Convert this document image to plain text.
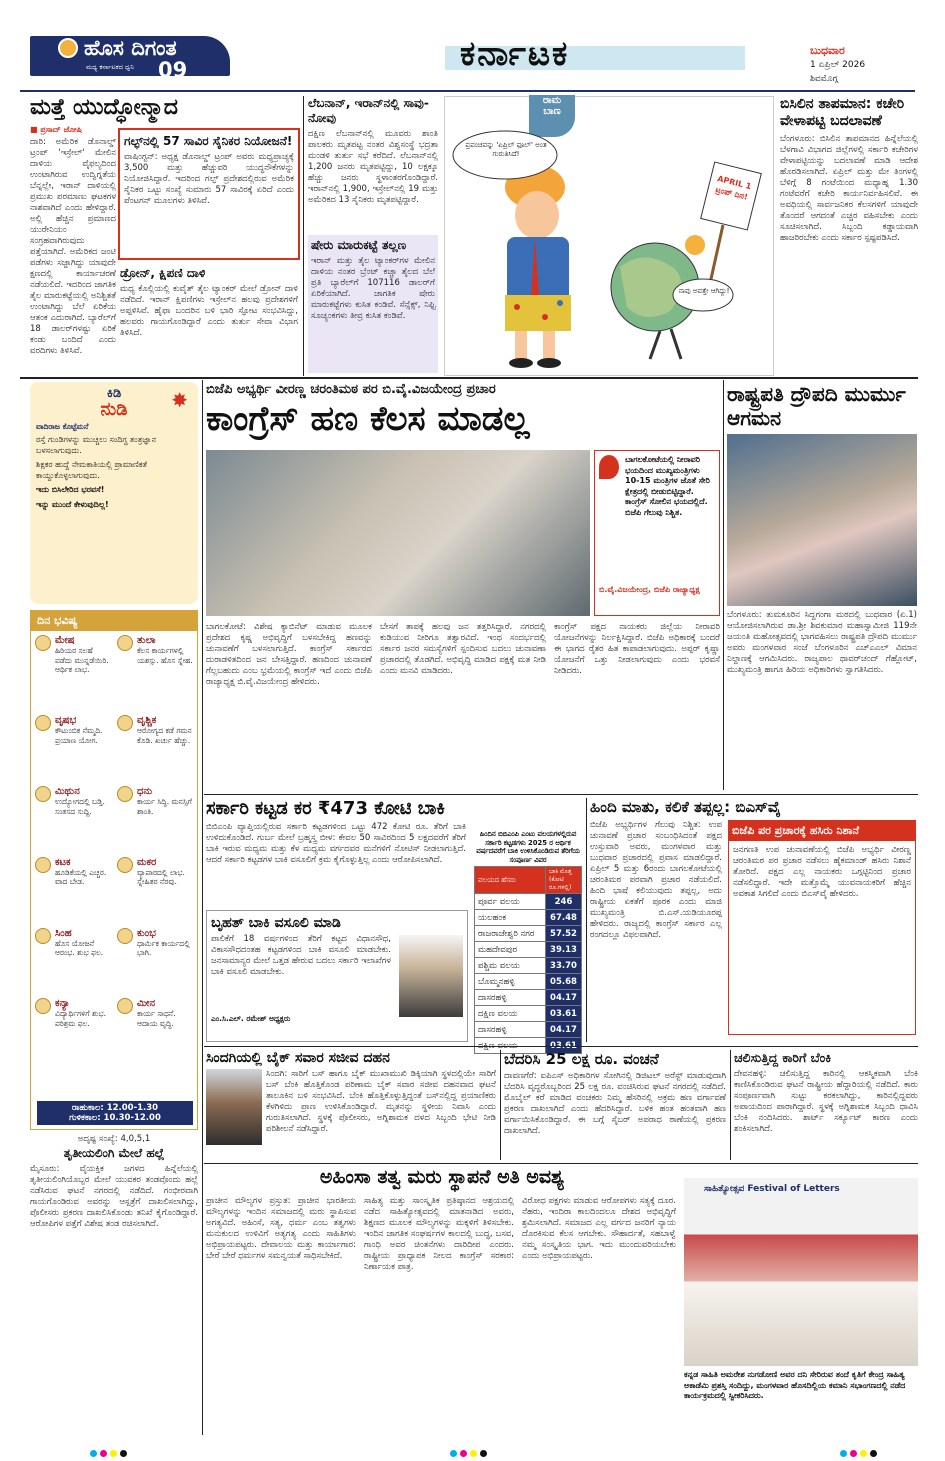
ಹೊಸ ದಿಗಂತ
ಮಧ್ಯ ಕರ್ನಾಟಕದ ಧ್ವನಿ 09	ಕರ್ನಾಟಕ	ಬುಧವಾರ
1 ಏಪ್ರಿಲ್ 2026
ಶಿವಮೊಗ್ಗ
ಮತ್ತೆ ಯುದ್ಧೋನ್ಮಾದ
■ ಪ್ರಸಾದ್ ಜೋಷಿ
ದಾರಿ: ಅಮೆರಿಕ ಡೊನಾಲ್ಡ್ ಟ್ರಂಪ್ 'ಇಸ್ರೇಲ್' ಮೇಲಿನ ದಾಳಿಯ ವೈಫಲ್ಯದಿಂದ ಉಂಟಾಗಿರುವ ಉದ್ವಿಗ್ನತೆಯ ಬೆನ್ನಲ್ಲೇ, ಇರಾನ್ ದಾಳಿಯಲ್ಲಿ ಪ್ರಮುಖ ಪರಮಾಣು ಘಟಕಗಳ ನಾಶವಾಗಿದೆ ಎಂದು ಹೇಳಿದ್ದಾರೆ. ಅಲ್ಲಿ ಹೆಚ್ಚಿನ ಪ್ರಮಾಣದ ಯುರೇನಿಯಂ ಸಂಗ್ರಹವಾಗಿರುವುದು ಪತ್ತೆಯಾಗಿದೆ. ಅಮೆರಿಕದ ಜಂಟಿ ಪಡೆಗಳು ಸಜ್ಜಾಗಿದ್ದು ಯಾವುದೇ ಕ್ಷಣದಲ್ಲಿ ಕಾರ್ಯಾಚರಣೆ ನಡೆಯಲಿದೆ. ಇದರಿಂದ ಜಾಗತಿಕ ತೈಲ ಮಾರುಕಟ್ಟೆಯಲ್ಲಿ ಅನಿಶ್ಚಿತತೆ ಉಂಟಾಗಿದ್ದು ಬೆಲೆ ಏರಿಕೆಯ ಆತಂಕ ಎದುರಾಗಿದೆ. ಬ್ಯಾರೆಲ್‌ಗೆ 18 ಡಾಲರ್‌ಗಳಷ್ಟು ಏರಿಕೆ ಕಂಡು ಬಂದಿದೆ ಎಂದು ವರದಿಗಳು ತಿಳಿಸಿವೆ.
ಗಲ್ಫ್‌ನಲ್ಲಿ 57 ಸಾವಿರ ಸೈನಿಕರ ನಿಯೋಜನೆ!
ವಾಷಿಂಗ್ಟನ್: ಅಧ್ಯಕ್ಷ ಡೊನಾಲ್ಡ್ ಟ್ರಂಪ್ ಅವರು ಮಧ್ಯಪ್ರಾಚ್ಯಕ್ಕೆ 3,500 ಮತ್ತು ಹೆಚ್ಚುವರಿ ಯುದ್ಧನೌಕೆಗಳನ್ನು ನಿಯೋಜಿಸಿದ್ದಾರೆ. ಇದರಿಂದ ಗಲ್ಫ್ ಪ್ರದೇಶದಲ್ಲಿರುವ ಅಮೆರಿಕ ಸೈನಿಕರ ಒಟ್ಟು ಸಂಖ್ಯೆ ಸುಮಾರು 57 ಸಾವಿರಕ್ಕೆ ಏರಿದೆ ಎಂದು ಪೆಂಟಗನ್ ಮೂಲಗಳು ತಿಳಿಸಿವೆ.
ಡ್ರೋನ್, ಕ್ಷಿಪಣಿ ದಾಳಿ
ಮಧ್ಯ ಕೊಲ್ಲಿಯಲ್ಲಿ ಕುವೈತ್ ತೈಲ ಟ್ಯಾಂಕರ್ ಮೇಲೆ ಡ್ರೋನ್ ದಾಳಿ ನಡೆದಿದೆ. ಇರಾನ್ ಕ್ಷಿಪಣಿಗಳು ಇಸ್ರೇಲ್‌ನ ಹಲವು ಪ್ರದೇಶಗಳಿಗೆ ಅಪ್ಪಳಿಸಿವೆ. ಹೈಫಾ ಬಂದರಿನ ಬಳಿ ಭಾರಿ ಸ್ಫೋಟ ಸಂಭವಿಸಿದ್ದು, ಹಲವರು ಗಾಯಗೊಂಡಿದ್ದಾರೆ ಎಂದು ತುರ್ತು ಸೇವಾ ವಿಭಾಗ ತಿಳಿಸಿದೆ.
ಲೆಬನಾನ್, ಇರಾನ್‌ನಲ್ಲಿ ಸಾವು-ನೋವು
ದಕ್ಷಿಣ ಲೆಬನಾನ್‌ನಲ್ಲಿ ಮೂವರು ಶಾಂತಿ ಪಾಲಕರು ಮೃತಪಟ್ಟ ನಂತರ ವಿಶ್ವಸಂಸ್ಥೆ ಭದ್ರತಾ ಮಂಡಳಿ ತುರ್ತು ಸಭೆ ಕರೆದಿದೆ. ಲೆಬನಾನ್‌ನಲ್ಲಿ 1,200 ಜನರು ಮೃತಪಟ್ಟಿದ್ದು, 10 ಲಕ್ಷಕ್ಕೂ ಹೆಚ್ಚು ಜನರು ಸ್ಥಳಾಂತರಗೊಂಡಿದ್ದಾರೆ. ಇರಾನ್‌ನಲ್ಲಿ 1,900, ಇಸ್ರೇಲ್‌ನಲ್ಲಿ 19 ಮತ್ತು ಅಮೆರಿಕದ 13 ಸೈನಿಕರು ಮೃತಪಟ್ಟಿದ್ದಾರೆ.
ಷೇರು ಮಾರುಕಟ್ಟೆ ತಲ್ಲಣ
ಇರಾನ್ ಮತ್ತು ತೈಲ ಟ್ಯಾಂಕರ್‌ಗಳ ಮೇಲಿನ ದಾಳಿಯ ನಂತರ ಬ್ರೆಂಟ್ ಕಚ್ಚಾ ತೈಲದ ಬೆಲೆ ಪ್ರತಿ ಬ್ಯಾರೆಲ್‌ಗೆ 107116 ಡಾಲರ್‌ಗೆ ಏರಿಕೆಯಾಗಿದೆ. ಜಾಗತಿಕ ಷೇರು ಮಾರುಕಟ್ಟೆಗಳು ಕುಸಿತ ಕಂಡಿವೆ. ಸೆನ್ಸೆಕ್ಸ್, ನಿಫ್ಟಿ ಸೂಚ್ಯಂಕಗಳು ತೀವ್ರ ಕುಸಿತ ಕಂಡಿವೆ.
ರಾಮ
ಬಾಣ
ಪ್ರಪಂಚವನ್ನು 'ಏಪ್ರಿಲ್ ಫೂಲ್' ಅಂತ ಗುರುತಿಸಿದೆ!
ನಾವು ಅವತ್ತೇ ಆಗಿದ್ದು!
APRIL 1 ಟ್ರಂಪ್ ದಿನ!
ಬಿಸಿಲಿನ ತಾಪಮಾನ: ಕಚೇರಿ ವೇಳಾಪಟ್ಟಿ ಬದಲಾವಣೆ
ಬೆಂಗಳೂರು: ಬಿಸಿಲಿನ ತಾಪಮಾನದ ಹಿನ್ನೆಲೆಯಲ್ಲಿ ಬೆಳಗಾವಿ ವಿಭಾಗದ ಜಿಲ್ಲೆಗಳಲ್ಲಿ ಸರ್ಕಾರಿ ಕಚೇರಿಗಳ ವೇಳಾಪಟ್ಟಿಯನ್ನು ಬದಲಾವಣೆ ಮಾಡಿ ಆದೇಶ ಹೊರಡಿಸಲಾಗಿದೆ. ಏಪ್ರಿಲ್ ಮತ್ತು ಮೇ ತಿಂಗಳಲ್ಲಿ ಬೆಳಿಗ್ಗೆ 8 ಗಂಟೆಯಿಂದ ಮಧ್ಯಾಹ್ನ 1.30 ಗಂಟೆವರೆಗೆ ಕಚೇರಿ ಕಾರ್ಯನಿರ್ವಹಿಸಲಿವೆ. ಈ ಅವಧಿಯಲ್ಲಿ ಸಾರ್ವಜನಿಕರ ಕೆಲಸಗಳಿಗೆ ಯಾವುದೇ ತೊಂದರೆ ಆಗದಂತೆ ಎಚ್ಚರ ವಹಿಸಬೇಕು ಎಂದು ಸೂಚಿಸಲಾಗಿದೆ. ಸಿಬ್ಬಂದಿ ಕಡ್ಡಾಯವಾಗಿ ಹಾಜರಿರಬೇಕು ಎಂದು ಸರ್ಕಾರ ಸ್ಪಷ್ಟಪಡಿಸಿದೆ.
ಕಿಡಿ
ನುಡಿ	✸
ವಾದಿರಾಜ ಕೊಟ್ಟೆಮನೆ
ರಸ್ತೆ ಗುಂಡಿಗಳನ್ನು ಮುಚ್ಚಲು ಸಂದಿಗ್ಧ ತಂತ್ರಜ್ಞಾನ ಬಳಸಲಾಗುವುದು.
ಶಿಕ್ಷಕರ ಹುದ್ದೆ ನೇಮಕಾತಿಯಲ್ಲಿ ಪ್ರಾಮಾಣಿಕತೆ ಕಾಯ್ದುಕೊಳ್ಳಲಾಗುವುದು.
ಇದು ಬಿಸಿಲೇರಿದ ಭರವಸೆ!
ಇನ್ನು ಮುಂದೆ ಕೇಳುವುದಿಲ್ಲ!
ದಿನ ಭವಿಷ್ಯ
ಮೇಷ
ಹಿರಿಯರ ಸಲಹೆ ಪಡೆದು ಮುನ್ನಡೆಯಿರಿ. ಆರ್ಥಿಕ ಲಾಭ.
ತುಲಾ
ಕೆಲಸ ಕಾರ್ಯಗಳಲ್ಲಿ ಯಶಸ್ಸು. ಹೊಸ ಸ್ನೇಹ.
ವೃಷಭ
ಕೌಟುಂಬಿಕ ನೆಮ್ಮದಿ. ಪ್ರಯಾಣ ಯೋಗ.
ವೃಶ್ಚಿಕ
ಆರೋಗ್ಯದ ಕಡೆ ಗಮನ ಕೊಡಿ. ಖರ್ಚು ಹೆಚ್ಚು.
ಮಿಥುನ
ಉದ್ಯೋಗದಲ್ಲಿ ಬಡ್ತಿ. ಸಂತಸದ ಸುದ್ದಿ.
ಧನು
ಕಾರ್ಯ ಸಿದ್ಧಿ. ಮನಸ್ಸಿಗೆ ಶಾಂತಿ.
ಕಟಕ
ಹೂಡಿಕೆಯಲ್ಲಿ ಎಚ್ಚರ. ವಾದ ಬೇಡ.
ಮಕರ
ವ್ಯಾಪಾರದಲ್ಲಿ ಲಾಭ. ಸ್ನೇಹಿತರ ನೆರವು.
ಸಿಂಹ
ಹೊಸ ಯೋಜನೆ ಆರಂಭ. ಶುಭ ಫಲ.
ಕುಂಭ
ಧಾರ್ಮಿಕ ಕಾರ್ಯದಲ್ಲಿ ಭಾಗಿ.
ಕನ್ಯಾ
ವಿದ್ಯಾರ್ಥಿಗಳಿಗೆ ಶುಭ. ಪರಿಶ್ರಮ ಫಲ.
ಮೀನ
ಕಾರ್ಯ ಸಾಧನೆ. ಆದಾಯ ವೃದ್ಧಿ.
ರಾಹುಕಾಲ: 12.00-1.30
ಗುಳಿಕಕಾಲ: 10.30-12.00
ಅದೃಷ್ಟ ಸಂಖ್ಯೆ: 4,0,5,1
ತೃತೀಯಲಿಂಗಿ ಮೇಲೆ ಹಲ್ಲೆ
ಮೈಸೂರು: ವೈಯಕ್ತಿಕ ಜಗಳದ ಹಿನ್ನೆಲೆಯಲ್ಲಿ ತೃತೀಯಲಿಂಗಿಯೊಬ್ಬರ ಮೇಲೆ ಯುವಕರ ತಂಡವೊಂದು ಹಲ್ಲೆ ನಡೆಸಿರುವ ಘಟನೆ ನಗರದಲ್ಲಿ ನಡೆದಿದೆ. ಗಂಭೀರವಾಗಿ ಗಾಯಗೊಂಡಿರುವ ಅವರನ್ನು ಆಸ್ಪತ್ರೆಗೆ ದಾಖಲಿಸಲಾಗಿದ್ದು, ಪೊಲೀಸರು ಪ್ರಕರಣ ದಾಖಲಿಸಿಕೊಂಡು ತನಿಖೆ ಕೈಗೊಂಡಿದ್ದಾರೆ. ಆರೋಪಿಗಳ ಪತ್ತೆಗೆ ವಿಶೇಷ ತಂಡ ರಚಿಸಲಾಗಿದೆ.
ಬಿಜೆಪಿ ಅಭ್ಯರ್ಥಿ ವೀರಣ್ಣ ಚರಂತಿಮಠ ಪರ ಬಿ.ವೈ.ವಿಜಯೇಂದ್ರ ಪ್ರಚಾರ
ಕಾಂಗ್ರೆಸ್ ಹಣ ಕೆಲಸ ಮಾಡಲ್ಲ
ಬಾಗಲಕೋಟೆಯಲ್ಲಿ ನೀರಾವರಿ ಭಯದಿಂದ ಮುಖ್ಯಮಂತ್ರಿಗಳು 10-15 ಮಂತ್ರಿಗಳ ಜೊತೆ ಸೇರಿ ಕ್ಷೇತ್ರದಲ್ಲಿ ಬೀಡುಬಿಟ್ಟಿದ್ದಾರೆ. ಕಾಂಗ್ರೆಸ್ ಸೋಲಿನ ಭಯದಲ್ಲಿದೆ. ಬಿಜೆಪಿ ಗೆಲುವು ನಿಶ್ಚಿತ.
ಬಿ.ವೈ.ವಿಜಯೇಂದ್ರ, ಬಿಜೆಪಿ ರಾಜ್ಯಾಧ್ಯಕ್ಷ
ಬಾಗಲಕೋಟೆ: ವಿಶೇಷ ಕ್ಯಾಬಿನೆಟ್ ಮಾಡುವ ಮೂಲಕ ಪ್ರದೇಶದ ಕೃಷ್ಣ ಅಭಿವೃದ್ಧಿಗೆ ಬಳಸಬೇಕಿದ್ದ ಹಣವನ್ನು ಚುನಾವಣೆಗೆ ಬಳಸಲಾಗುತ್ತಿದೆ. ಕಾಂಗ್ರೆಸ್ ಸರ್ಕಾರದ ದುರಾಡಳಿತದಿಂದ ಜನ ಬೇಸತ್ತಿದ್ದಾರೆ. ಹಣದಿಂದ ಚುನಾವಣೆ ಗೆಲ್ಲಬಹುದು ಎಂಬ ಭ್ರಮೆಯಲ್ಲಿ ಕಾಂಗ್ರೆಸ್ ಇದೆ ಎಂದು ಬಿಜೆಪಿ ರಾಜ್ಯಾಧ್ಯಕ್ಷ ಬಿ.ವೈ.ವಿಜಯೇಂದ್ರ ಹೇಳಿದರು.
ಬೇಸಗೆ ತಾಪಕ್ಕೆ ಹಲವು ಜನ ತತ್ತರಿಸಿದ್ದಾರೆ. ನಗರದಲ್ಲಿ ಕುಡಿಯುವ ನೀರಿಗೂ ತತ್ವಾರವಿದೆ. ಇಂಥ ಸಂದರ್ಭದಲ್ಲಿ ಸರ್ಕಾರ ಜನರ ಸಮಸ್ಯೆಗಳಿಗೆ ಸ್ಪಂದಿಸುವ ಬದಲು ಚುನಾವಣಾ ಪ್ರಚಾರದಲ್ಲಿ ತೊಡಗಿದೆ. ಅಭಿವೃದ್ಧಿ ಮಾಡಿದ ಪಕ್ಷಕ್ಕೆ ಮತ ನೀಡಿ ಎಂದು ಮನವಿ ಮಾಡಿದರು.
ಕಾಂಗ್ರೆಸ್ ಪಕ್ಷದ ನಾಯಕರು ಜಿಲ್ಲೆಯ ನೀರಾವರಿ ಯೋಜನೆಗಳನ್ನು ನಿರ್ಲಕ್ಷಿಸಿದ್ದಾರೆ. ಬಿಜೆಪಿ ಅಧಿಕಾರಕ್ಕೆ ಬಂದರೆ ಈ ಭಾಗದ ರೈತರ ಹಿತ ಕಾಪಾಡಲಾಗುವುದು. ಅಪ್ಪರ್ ಕೃಷ್ಣಾ ಯೋಜನೆಗೆ ಒತ್ತು ನೀಡಲಾಗುವುದು ಎಂದು ಭರವಸೆ ನೀಡಿದರು.
ರಾಷ್ಟ್ರಪತಿ ದ್ರೌಪದಿ ಮುರ್ಮು ಆಗಮನ
ಬೆಂಗಳೂರು: ತುಮಕೂರಿನ ಸಿದ್ದಗಂಗಾ ಮಠದಲ್ಲಿ ಬುಧವಾರ (ಏ.1) ಆಯೋಜಿಸಲಾಗಿರುವ ಡಾ.ಶ್ರೀ ಶಿವಕುಮಾರ ಮಹಾಸ್ವಾಮೀಜಿ 119ನೇ ಜಯಂತಿ ಮಹೋತ್ಸವದಲ್ಲಿ ಭಾಗವಹಿಸಲು ರಾಷ್ಟ್ರಪತಿ ದ್ರೌಪದಿ ಮುರ್ಮು ಅವರು ಮಂಗಳವಾರ ಸಂಜೆ ಬೆಂಗಳೂರಿನ ಎಚ್‌ಎಎಲ್ ವಿಮಾನ ನಿಲ್ದಾಣಕ್ಕೆ ಆಗಮಿಸಿದರು. ರಾಜ್ಯಪಾಲ ಥಾವರ್‌ಚಂದ್ ಗೆಹ್ಲೋಟ್, ಮುಖ್ಯಮಂತ್ರಿ ಹಾಗೂ ಹಿರಿಯ ಅಧಿಕಾರಿಗಳು ಸ್ವಾಗತಿಸಿದರು.
ಸರ್ಕಾರಿ ಕಟ್ಟಡ ಕರ ₹473 ಕೋಟಿ ಬಾಕಿ
ಬಿಬಿಎಂಪಿ ವ್ಯಾಪ್ತಿಯಲ್ಲಿರುವ ಸರ್ಕಾರಿ ಕಟ್ಟಡಗಳಿಂದ ಒಟ್ಟು 472 ಕೋಟಿ ರೂ. ತೆರಿಗೆ ಬಾಕಿ ಉಳಿದುಕೊಂಡಿದೆ. ಗುರ್ಬ ಮೇಲೆ ಬ್ರಹ್ಮಸ್ತ್ರ ಬೀಳ: ಕೇವಲ 50 ಸಾವಿರದಿಂದ 5 ಲಕ್ಷದವರೆಗೆ ತೆರಿಗೆ ಬಾಕಿ ಇರುವ ಮಧ್ಯಮ ಮತ್ತು ಕೆಳ ಮಧ್ಯಮ ವರ್ಗದವರ ಮನೆಗಳಿಗೆ ನೋಟಿಸ್ ನೀಡಲಾಗುತ್ತಿದೆ. ಆದರೆ ಸರ್ಕಾರಿ ಕಟ್ಟಡಗಳ ಬಾಕಿ ವಸೂಲಿಗೆ ಕ್ರಮ ಕೈಗೊಳ್ಳುತ್ತಿಲ್ಲ ಎಂದು ಆರೋಪಿಸಲಾಗಿದೆ.
ಬೃಹತ್ ಬಾಕಿ ವಸೂಲಿ ಮಾಡಿ
ಪಾಲಿಕೆಗೆ 18 ವರ್ಷಗಳಿಂದ ತೆರಿಗೆ ಕಟ್ಟದ ವಿಧಾನಸೌಧ, ವಿಕಾಸಸೌಧದಂತಹ ಕಟ್ಟಡಗಳಿಂದ ಬಾಕಿ ವಸೂಲಿ ಮಾಡಬೇಕು. ಜನಸಾಮಾನ್ಯರ ಮೇಲೆ ಒತ್ತಡ ಹೇರುವ ಬದಲು ಸರ್ಕಾರಿ ಇಲಾಖೆಗಳ ಬಾಕಿ ವಸೂಲಿ ಮಾಡಬೇಕು.
ಎಂ.ಸಿ.ಎಲ್. ರಮೇಶ್ ಅಧ್ಯಕ್ಷರು
ಹಿಂದಿನ ಬಿಬಿಎಂಪಿ ಎಂಟು ವಲಯಗಳಲ್ಲಿರುವ ಸರ್ಕಾರಿ ಕಟ್ಟಡಗಳು 2025 ರ ಆರ್ಥಿಕ ವರ್ಷದವರೆಗೆ ಬಾಕಿ ಉಳಿಸಿಕೊಂಡಿರುವ ತೆರಿಗೆಯ ಸಂಪೂರ್ಣ ವಿವರ
ವಲಯದ ಹೆಸರು	ಬಾಕಿ ಮೊತ್ತ (ಕೋಟಿ ರೂ.ಗಳಲ್ಲಿ)
ಪೂರ್ವ ವಲಯ	246
ಯಲಹಂಕ	67.48
ರಾಜರಾಜೇಶ್ವರಿ ನಗರ	57.52
ಮಹದೇವಪುರ	39.13
ಪಶ್ಚಿಮ ವಲಯ	33.70
ಬೊಮ್ಮನಹಳ್ಳಿ	05.68
ದಾಸರಹಳ್ಳಿ	04.17
ದಕ್ಷಿಣ ವಲಯ	03.61
ದಾಸರಹಳ್ಳಿ	04.17

ಹಿಂದಿ ಮಾತು, ಕಲಿಕೆ ತಪ್ಪಲ್ಲ: ಬಿಎಸ್‌ವೈ
ಬಿಜೆಪಿ ಅಭ್ಯರ್ಥಿಗಳ ಗೆಲುವು ನಿಶ್ಚಿತ: ಉಪ ಚುನಾವಣೆ ಪ್ರಚಾರ ಸಂಬಂಧಿಸಿದಂತೆ ಪಕ್ಷದ ಉಸ್ತುವಾರಿ ಅವರು, ಮಂಗಳವಾರ ಮತ್ತು ಬುಧವಾರ ಪ್ರಚಾರದಲ್ಲಿ ಪ್ರವಾಸ ಮಾಡಲಿದ್ದಾರೆ. ಏಪ್ರಿಲ್ 5 ಮತ್ತು 6ರಂದು ಬಾಗಲಕೋಟೆಯಲ್ಲಿ ಚರಂತಿಮಠ ಪರವಾಗಿ ಪ್ರಚಾರ ನಡೆಯಲಿದೆ. ಹಿಂದಿ ಭಾಷೆ ಕಲಿಯುವುದು ತಪ್ಪಲ್ಲ, ಅದು ರಾಷ್ಟ್ರೀಯ ಏಕತೆಗೆ ಪೂರಕ ಎಂದು ಮಾಜಿ ಮುಖ್ಯಮಂತ್ರಿ ಬಿ.ಎಸ್.ಯಡಿಯೂರಪ್ಪ ಹೇಳಿದರು. ರಾಜ್ಯದಲ್ಲಿ ಕಾಂಗ್ರೆಸ್ ಸರ್ಕಾರ ಎಲ್ಲ ರಂಗದಲ್ಲೂ ವಿಫಲವಾಗಿದೆ.
ಬಿಜೆಪಿ ಪರ ಪ್ರಚಾರಕ್ಕೆ ಹಸಿರು ನಿಶಾನೆ
ಜನಗಣತಿ ಉಪ ಚುನಾವಣೆಯಲ್ಲಿ ಬಿಜೆಪಿ ಅಭ್ಯರ್ಥಿ ವೀರಣ್ಣ ಚರಂತಿಮಠ ಪರ ಪ್ರಚಾರ ನಡೆಸಲು ಹೈಕಮಾಂಡ್ ಹಸಿರು ನಿಶಾನೆ ತೋರಿದೆ. ಪಕ್ಷದ ಎಲ್ಲ ನಾಯಕರು ಒಗ್ಗಟ್ಟಿನಿಂದ ಪ್ರಚಾರ ನಡೆಸಲಿದ್ದಾರೆ. ಇದೇ ಮತ್ತೊಮ್ಮೆ ಯುವನಾಯಕರಿಗೆ ಹೆಚ್ಚಿನ ಅವಕಾಶ ಸಿಗಲಿದೆ ಎಂದು ಬಿಎಸ್‌ವೈ ಹೇಳಿದರು.
ಸಿಂದಗಿಯಲ್ಲಿ ಬೈಕ್ ಸವಾರ ಸಜೀವ ದಹನ
ಸಿಂದಗಿ: ಸಾರಿಗೆ ಬಸ್ ಹಾಗೂ ಬೈಕ್ ಮುಖಾಮುಖಿ ಡಿಕ್ಕಿಯಾಗಿ ಸ್ಥಳದಲ್ಲಿಯೇ ಸಾರಿಗೆ ಬಸ್ ಬೆಂಕಿ ಹೊತ್ತಿಕೊಂಡ ಪರಿಣಾಮ ಬೈಕ್ ಸವಾರ ಸಜೀವ ದಹನವಾದ ಘಟನೆ ತಾಲೂಕಿನ ಬಳಿ ಸಂಭವಿಸಿದೆ. ಬೆಂಕಿ ಹೊತ್ತಿಕೊಳ್ಳುತ್ತಿದ್ದಂತೆ ಬಸ್‌ನಲ್ಲಿದ್ದ ಪ್ರಯಾಣಿಕರು ಕೆಳಗಿಳಿದು ಪ್ರಾಣ ಉಳಿಸಿಕೊಂಡಿದ್ದಾರೆ. ಮೃತನನ್ನು ಸ್ಥಳೀಯ ನಿವಾಸಿ ಎಂದು ಗುರುತಿಸಲಾಗಿದೆ. ಸ್ಥಳಕ್ಕೆ ಪೊಲೀಸರು, ಅಗ್ನಿಶಾಮಕ ದಳದ ಸಿಬ್ಬಂದಿ ಭೇಟಿ ನೀಡಿ ಪರಿಶೀಲನೆ ನಡೆಸಿದ್ದಾರೆ.
ಬೆದರಿಸಿ 25 ಲಕ್ಷ ರೂ. ವಂಚನೆ
ದಾವಣಗೆರೆ: ಐಪಿಎಸ್ ಅಧಿಕಾರಿಗಳ ಸೋಗಿನಲ್ಲಿ ಡಿಜಿಟಲ್ ಅರೆಸ್ಟ್ ಮಾಡುವುದಾಗಿ ಬೆದರಿಸಿ ವೃದ್ಧರೊಬ್ಬರಿಂದ 25 ಲಕ್ಷ ರೂ. ವಂಚಿಸಿರುವ ಘಟನೆ ನಗರದಲ್ಲಿ ನಡೆದಿದೆ. ಮೊಬೈಲ್ ಕರೆ ಮಾಡಿದ ವಂಚಕರು ನಿಮ್ಮ ಹೆಸರಿನಲ್ಲಿ ಅಕ್ರಮ ಹಣ ವರ್ಗಾವಣೆ ಪ್ರಕರಣ ದಾಖಲಾಗಿದೆ ಎಂದು ಹೆದರಿಸಿದ್ದಾರೆ. ಬಳಿಕ ಹಂತ ಹಂತವಾಗಿ ಹಣ ವರ್ಗಾಯಿಸಿಕೊಂಡಿದ್ದಾರೆ. ಈ ಬಗ್ಗೆ ಸೈಬರ್ ಅಪರಾಧ ಠಾಣೆಯಲ್ಲಿ ಪ್ರಕರಣ ದಾಖಲಾಗಿದೆ.
ಚಲಿಸುತ್ತಿದ್ದ ಕಾರಿಗೆ ಬೆಂಕಿ
ದೇವನಹಳ್ಳಿ: ಚಲಿಸುತ್ತಿದ್ದ ಕಾರಿನಲ್ಲಿ ಆಕಸ್ಮಿಕವಾಗಿ ಬೆಂಕಿ ಕಾಣಿಸಿಕೊಂಡಿರುವ ಘಟನೆ ರಾಷ್ಟ್ರೀಯ ಹೆದ್ದಾರಿಯಲ್ಲಿ ನಡೆದಿದೆ. ಕಾರು ಸಂಪೂರ್ಣವಾಗಿ ಸುಟ್ಟು ಕರಕಲಾಗಿದ್ದು, ಕಾರಿನಲ್ಲಿದ್ದವರು ಅಪಾಯದಿಂದ ಪಾರಾಗಿದ್ದಾರೆ. ಸ್ಥಳಕ್ಕೆ ಅಗ್ನಿಶಾಮಕ ಸಿಬ್ಬಂದಿ ಧಾವಿಸಿ ಬೆಂಕಿ ನಂದಿಸಿದರು. ಶಾರ್ಟ್ ಸರ್ಕ್ಯೂಟ್ ಕಾರಣ ಎಂದು ಶಂಕಿಸಲಾಗಿದೆ.
ಅಹಿಂಸಾ ತತ್ವ ಮರು ಸ್ಥಾಪನೆ ಅತಿ ಅವಶ್ಯ
ಪ್ರಾಚೀನ ಮೌಲ್ಯಗಳ ಪ್ರಸ್ತುತ: ಪ್ರಾಚೀನ ಭಾರತೀಯ ಮೌಲ್ಯಗಳನ್ನು ಇಂದಿನ ಸಮಾಜದಲ್ಲಿ ಮರು ಸ್ಥಾಪಿಸುವ ಅಗತ್ಯವಿದೆ. ಅಹಿಂಸೆ, ಸತ್ಯ, ಧರ್ಮ ಎಂಬ ತತ್ವಗಳು ಮನುಕುಲದ ಉಳಿವಿಗೆ ಅತ್ಯಗತ್ಯ ಎಂದು ಸಾಹಿತಿಗಳು ಅಭಿಪ್ರಾಯಪಟ್ಟರು. ದೇವಾಲಯ ಮತ್ತು ಕಾರ್ಯಾಗಾರ: ಬೇರೆ ಬೇರೆ ಧರ್ಮಗಳ ಸಮನ್ವಯತೆ ಸಾಧಿಸಬೇಕಿದೆ.
ಸಾಹಿತ್ಯ ಮತ್ತು ಸಾಂಸ್ಕೃತಿಕ ಪ್ರತಿಷ್ಠಾನದ ಆಶ್ರಯದಲ್ಲಿ ನಡೆದ ಸಾಹಿತ್ಯೋತ್ಸವದಲ್ಲಿ ಮಾತನಾಡಿದ ಅವರು, ಶಿಕ್ಷಣದ ಮೂಲಕ ಮೌಲ್ಯಗಳನ್ನು ಮಕ್ಕಳಿಗೆ ತಿಳಿಸಬೇಕು. ಇಂದಿನ ಜಾಗತಿಕ ಸಂಘರ್ಷಗಳ ಕಾಲದಲ್ಲಿ ಬುದ್ಧ, ಬಸವ, ಗಾಂಧಿ ಅವರ ಚಿಂತನೆಗಳು ದಾರಿದೀಪ ಎಂದರು. ರಾಷ್ಟ್ರೀಯ ಪ್ರಾಧ್ಯಾಪಕ ನೀಲದ ಕಾಂಗ್ರೆಸ್ ಸರಕಾರ: ನಿರ್ಣಾಯಕ ಪಾತ್ರ.
ವಿರೋಧ ಪಕ್ಷಗಳು ಮಾಡುವ ಆರೋಪಗಳು ಸತ್ಯಕ್ಕೆ ದೂರ. ನೆಹರು, ಇಂದಿರಾ ಕಾಲದಿಂದಲೂ ದೇಶದ ಅಭಿವೃದ್ಧಿಗೆ ಶ್ರಮಿಸಲಾಗಿದೆ. ಸಮಾಜದ ಎಲ್ಲ ವರ್ಗದ ಜನರಿಗೆ ನ್ಯಾಯ ದೊರಕಿಸುವ ಕೆಲಸ ಆಗಬೇಕು. ಸೌಹಾರ್ದತೆ, ಸಹಬಾಳ್ವೆ ನಮ್ಮ ಸಂಸ್ಕೃತಿಯ ಭಾಗ. ಇದು ಮುಂದುವರಿಯಬೇಕು ಎಂದು ಅಭಿಪ್ರಾಯಪಟ್ಟರು.
ಸಾಹಿತ್ಯೋತ್ಸವ Festival of Letters
ಕನ್ನಡ ಸಾಹಿತಿ ಅಮರೇಶ ನುಗಡೋಣಿ ಅವರ ದನಿ ಸೇರಿರುವ ತಂದೆ ಕೃತಿಗೆ ಕೇಂದ್ರ ಸಾಹಿತ್ಯ ಅಕಾಡೆಮಿ ಪ್ರಶಸ್ತಿ ಸಂದಿದ್ದು, ಮಂಗಳವಾರ ಹೊಸದಿಲ್ಲಿಯ ಕಮಾನಿ ಸಭಾಂಗಣದಲ್ಲಿ ನಡೆದ ಕಾರ್ಯಕ್ರಮದಲ್ಲಿ ಸ್ವೀಕರಿಸಿದರು.
